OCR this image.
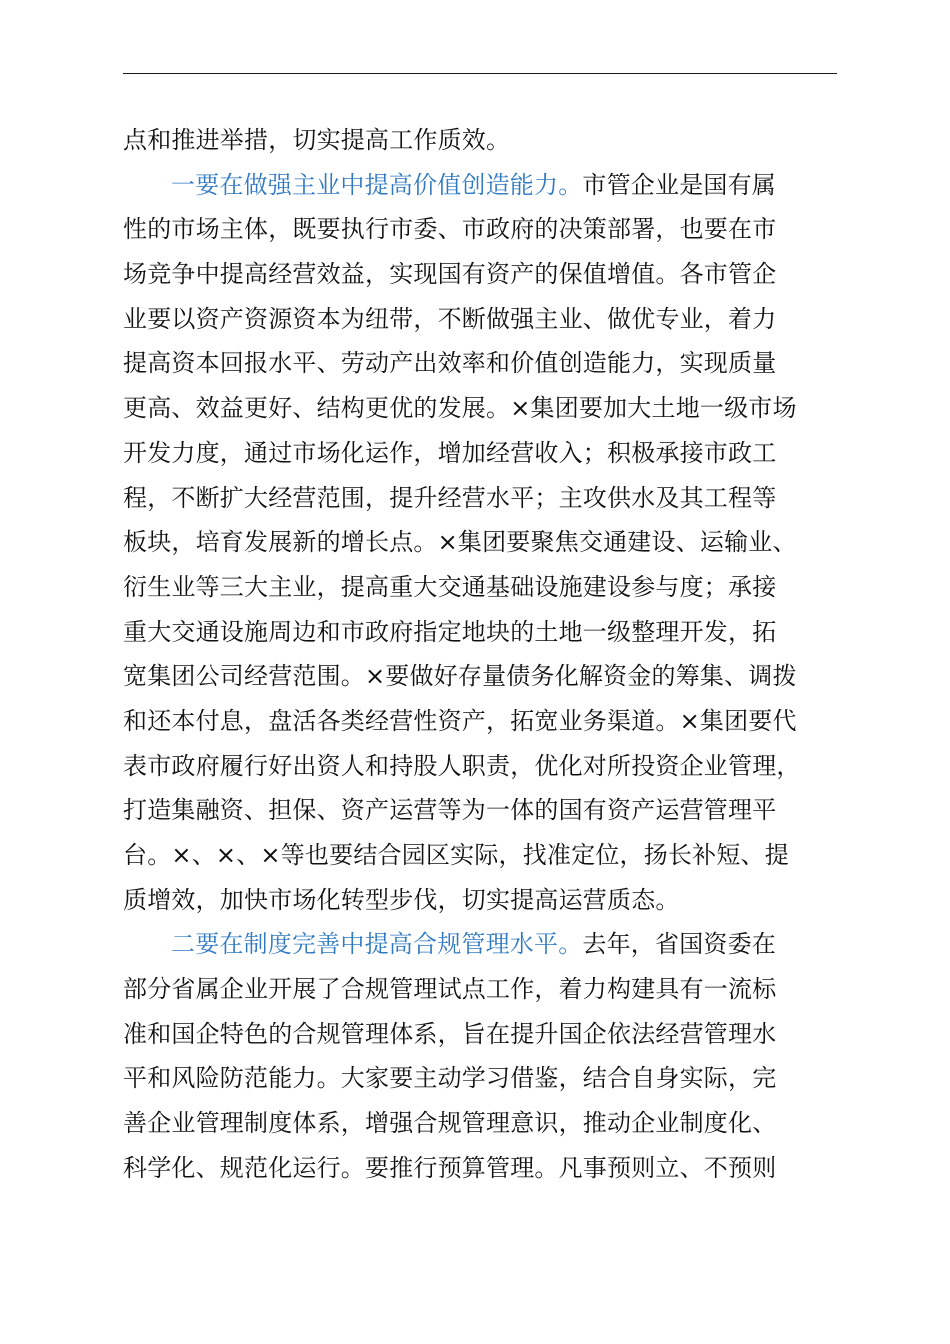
点和推进举措，切实提高工作质效。
一要在做强主业中提高价值创造能力。市管企业是国有属
性的市场主体，既要执行市委、市政府的决策部署，也要在市
场竞争中提高经营效益，实现国有资产的保值增值。各市管企
业要以资产资源资本为纽带，不断做强主业、做优专业，着力
提高资本回报水平、劳动产出效率和价值创造能力，实现质量
更高、效益更好、结构更优的发展。×集团要加大土地一级市场
开发力度，通过市场化运作，增加经营收入；积极承接市政工
程，不断扩大经营范围，提升经营水平；主攻供水及其工程等
板块，培育发展新的增长点。×集团要聚焦交通建设、运输业、
衍生业等三大主业，提高重大交通基础设施建设参与度；承接
重大交通设施周边和市政府指定地块的土地一级整理开发，拓
宽集团公司经营范围。×要做好存量债务化解资金的筹集、调拨
和还本付息，盘活各类经营性资产，拓宽业务渠道。×集团要代
表市政府履行好出资人和持股人职责，优化对所投资企业管理，
打造集融资、担保、资产运营等为一体的国有资产运营管理平
台。×、×、×等也要结合园区实际，找准定位，扬长补短、提
质增效，加快市场化转型步伐，切实提高运营质态。
二要在制度完善中提高合规管理水平。去年，省国资委在
部分省属企业开展了合规管理试点工作，着力构建具有一流标
准和国企特色的合规管理体系，旨在提升国企依法经营管理水
平和风险防范能力。大家要主动学习借鉴，结合自身实际，完
善企业管理制度体系，增强合规管理意识，推动企业制度化、
科学化、规范化运行。要推行预算管理。凡事预则立、不预则
